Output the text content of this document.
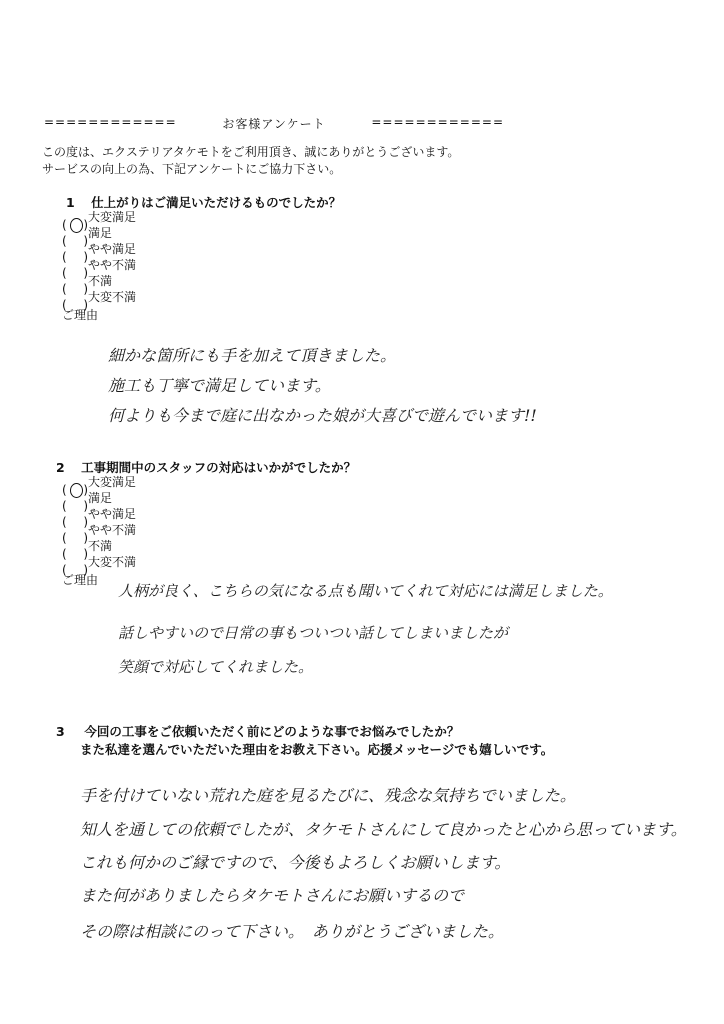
============	お客様アンケート	============
この度は、エクステリアタケモトをご利用頂き、誠にありがとうございます。
サービスの向上の為、下記アンケートにご協力下さい。
1 仕上がりはご満足いただけるものでしたか？
( )
大変満足
( )
満足
( )
やや満足
( )
やや不満
( )
不満
( )
大変不満
ご理由
細かな箇所にも手を加えて頂きました。
施工も丁寧で満足しています。
何よりも今まで庭に出なかった娘が大喜びで遊んでいます!!
2 工事期間中のスタッフの対応はいかがでしたか？
( )
大変満足
( )
満足
( )
やや満足
( )
やや不満
( )
不満
( )
大変不満
ご理由
人柄が良く、こちらの気になる点も聞いてくれて対応には満足しました。
話しやすいので日常の事もついつい話してしまいましたが
笑顔で対応してくれました。
3 今回の工事をご依頼いただく前にどのような事でお悩みでしたか？
また私達を選んでいただいた理由をお教え下さい。応援メッセージでも嬉しいです。
手を付けていない荒れた庭を見るたびに、残念な気持ちでいました。
知人を通しての依頼でしたが、タケモトさんにして良かったと心から思っています。
これも何かのご縁ですので、今後もよろしくお願いします。
また何がありましたらタケモトさんにお願いするので
その際は相談にのって下さい。　ありがとうございました。
